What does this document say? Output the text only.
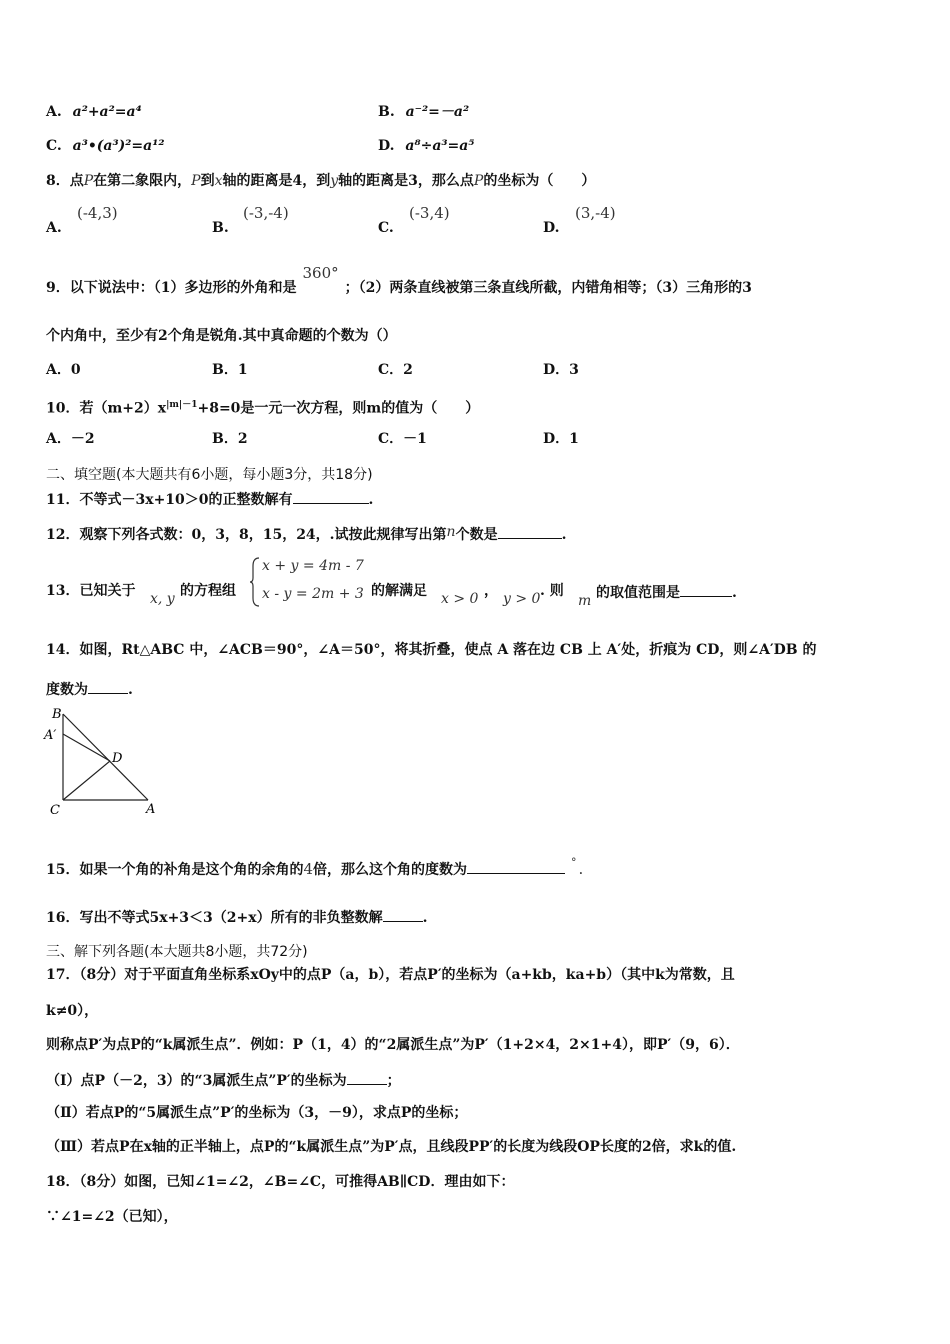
A. a²+a²=a⁴	B. a⁻²=－a²
C. a³•(a³)²=a¹²	D. a⁸÷a³=a⁵
8．点P在第二象限内，P到x轴的距离是4，到y轴的距离是3，那么点P的坐标为（　　）
A.
(-4,3)
B.
(-3,-4)
C.
(-3,4)
D.
(3,-4)
9．以下说法中：（1）多边形的外角和是360°；（2）两条直线被第三条直线所截，内错角相等；（3）三角形的3
个内角中，至少有2个角是锐角.其中真命题的个数为（）
A．0	B．1	C．2	D．3
10．若$(m+2)x^{|m|-1}+8=0$是一元一次方程，则m的值为（　　）
A．－2	B．2	C．－1	D．1
二、填空题(本大题共有6小题，每小题3分，共18分)
11．不等式－3x+10＞0的正整数解有	.
12．观察下列各式数：0，3，8，15，24，.试按此规律写出第n个数是	.
13．已知关于 x, y 的方程组
x + y = 4m - 7
x - y = 2m + 3 的解满足 x > 0 ， y > 0 . 则
m 的取值范围是	.
14．如图，Rt△ABC 中，∠ACB＝90°，∠A＝50°，将其折叠，使点 A 落在边 CB 上 A′处，折痕为 CD，则∠A′DB 的
度数为	.
B
A′
D
C	A
15．如果一个角的补角是这个角的余角的4倍，那么这个角的度数为	° .
16．写出不等式5x+3＜3（2+x）所有的非负整数解	.
三、解下列各题(本大题共8小题，共72分)
17．（8分）对于平面直角坐标系xOy中的点P（a，b），若点P′的坐标为（a+kb，ka+b）（其中k为常数，且
k≠0），
则称点P′为点P的“k属派生点”．例如：P（1，4）的“2属派生点”为P′（1+2×4，2×1+4），即P′（9，6）．
（Ⅰ）点P（－2，3）的“3属派生点”P′的坐标为	；
（Ⅱ）若点P的“5属派生点”P′的坐标为（3，－9），求点P的坐标；
（Ⅲ）若点P在x轴的正半轴上，点P的“k属派生点”为P′点，且线段PP′的长度为线段OP长度的2倍，求k的值.
18．（8分）如图，已知∠1=∠2，∠B=∠C，可推得AB∥CD．理由如下：
∵∠1=∠2（已知），
